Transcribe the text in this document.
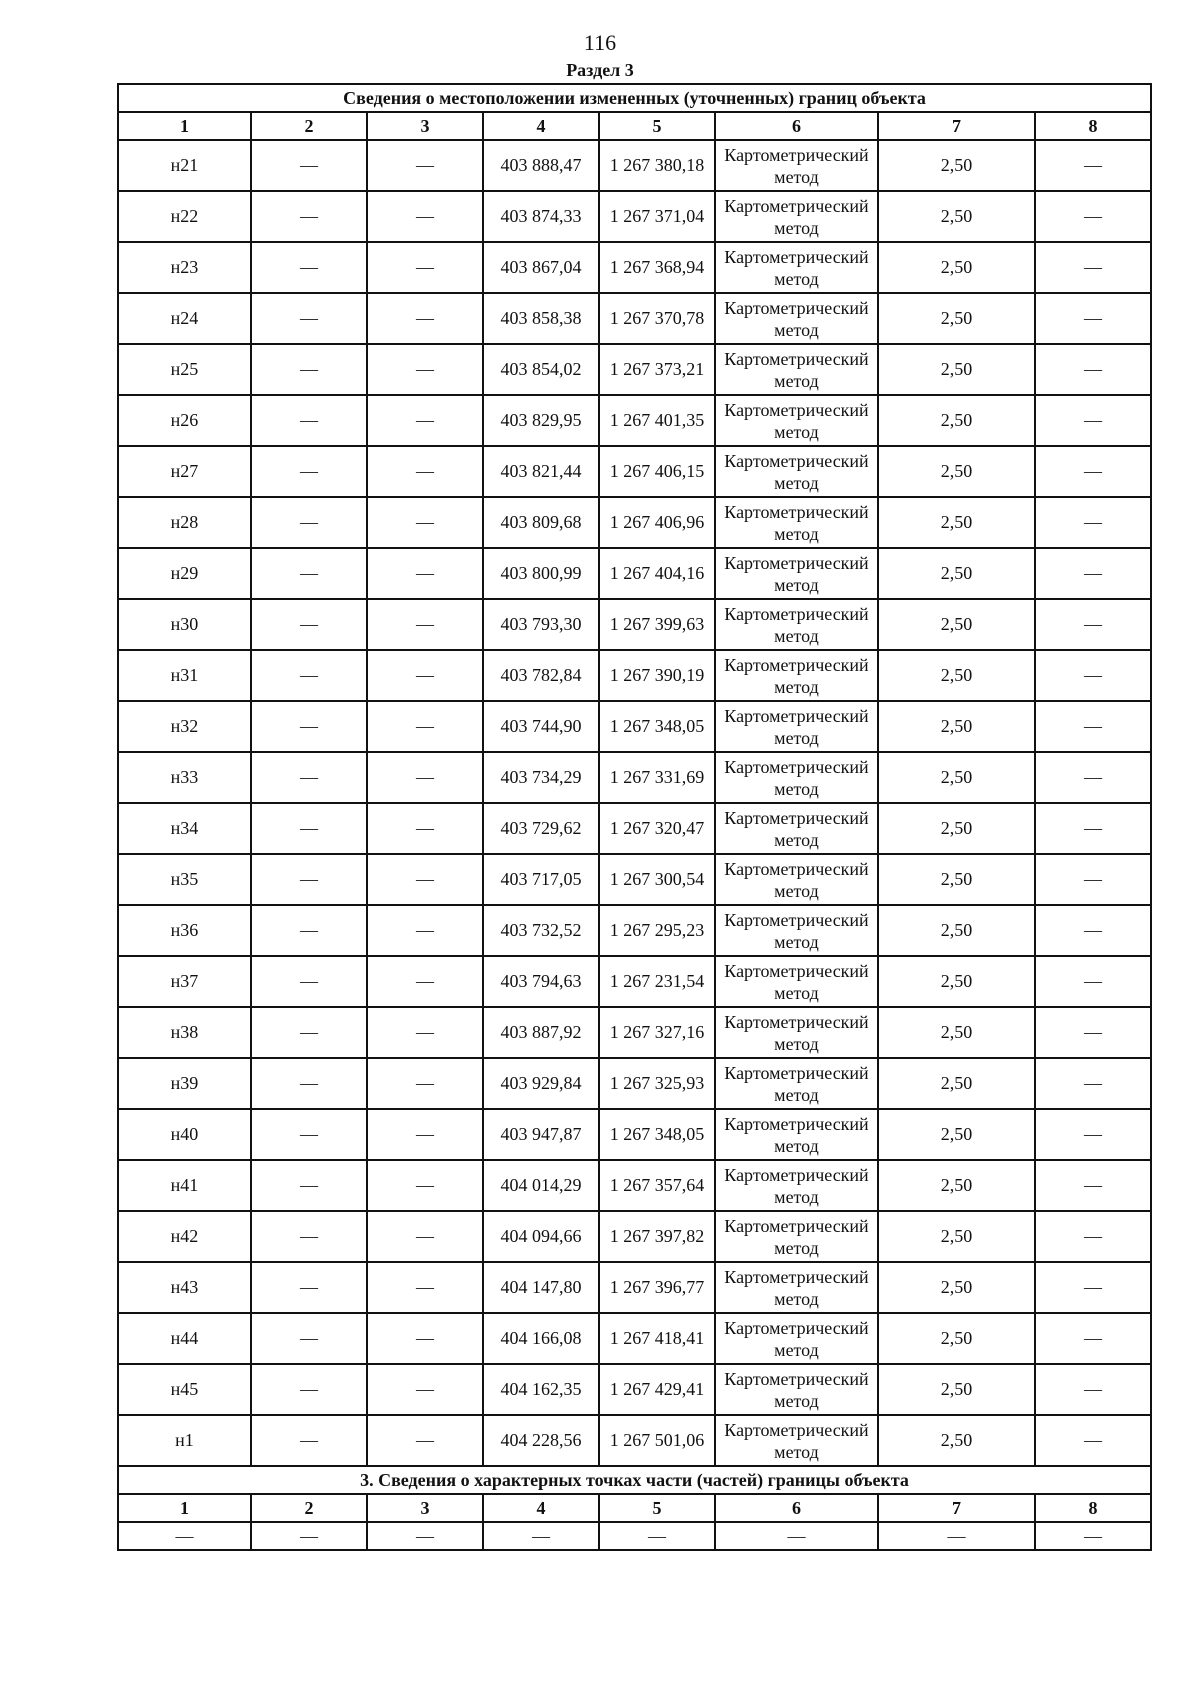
116
Раздел 3
Сведения о местоположении измененных (уточненных) границ объекта							
1	2	3	4	5	6	7	8
н21	—	—	403 888,47	1 267 380,18	Картометрический метод	2,50	—
н22	—	—	403 874,33	1 267 371,04	Картометрический метод	2,50	—
н23	—	—	403 867,04	1 267 368,94	Картометрический метод	2,50	—
н24	—	—	403 858,38	1 267 370,78	Картометрический метод	2,50	—
н25	—	—	403 854,02	1 267 373,21	Картометрический метод	2,50	—
н26	—	—	403 829,95	1 267 401,35	Картометрический метод	2,50	—
н27	—	—	403 821,44	1 267 406,15	Картометрический метод	2,50	—
н28	—	—	403 809,68	1 267 406,96	Картометрический метод	2,50	—
н29	—	—	403 800,99	1 267 404,16	Картометрический метод	2,50	—
н30	—	—	403 793,30	1 267 399,63	Картометрический метод	2,50	—
н31	—	—	403 782,84	1 267 390,19	Картометрический метод	2,50	—
н32	—	—	403 744,90	1 267 348,05	Картометрический метод	2,50	—
н33	—	—	403 734,29	1 267 331,69	Картометрический метод	2,50	—
н34	—	—	403 729,62	1 267 320,47	Картометрический метод	2,50	—
н35	—	—	403 717,05	1 267 300,54	Картометрический метод	2,50	—
н36	—	—	403 732,52	1 267 295,23	Картометрический метод	2,50	—
н37	—	—	403 794,63	1 267 231,54	Картометрический метод	2,50	—
н38	—	—	403 887,92	1 267 327,16	Картометрический метод	2,50	—
н39	—	—	403 929,84	1 267 325,93	Картометрический метод	2,50	—
н40	—	—	403 947,87	1 267 348,05	Картометрический метод	2,50	—
н41	—	—	404 014,29	1 267 357,64	Картометрический метод	2,50	—
н42	—	—	404 094,66	1 267 397,82	Картометрический метод	2,50	—
н43	—	—	404 147,80	1 267 396,77	Картометрический метод	2,50	—
н44	—	—	404 166,08	1 267 418,41	Картометрический метод	2,50	—
н45	—	—	404 162,35	1 267 429,41	Картометрический метод	2,50	—
н1	—	—	404 228,56	1 267 501,06	Картометрический метод	2,50	—
3. Сведения о характерных точках части (частей) границы объекта							
1	2	3	4	5	6	7	8
—	—	—	—	—	—	—	—
